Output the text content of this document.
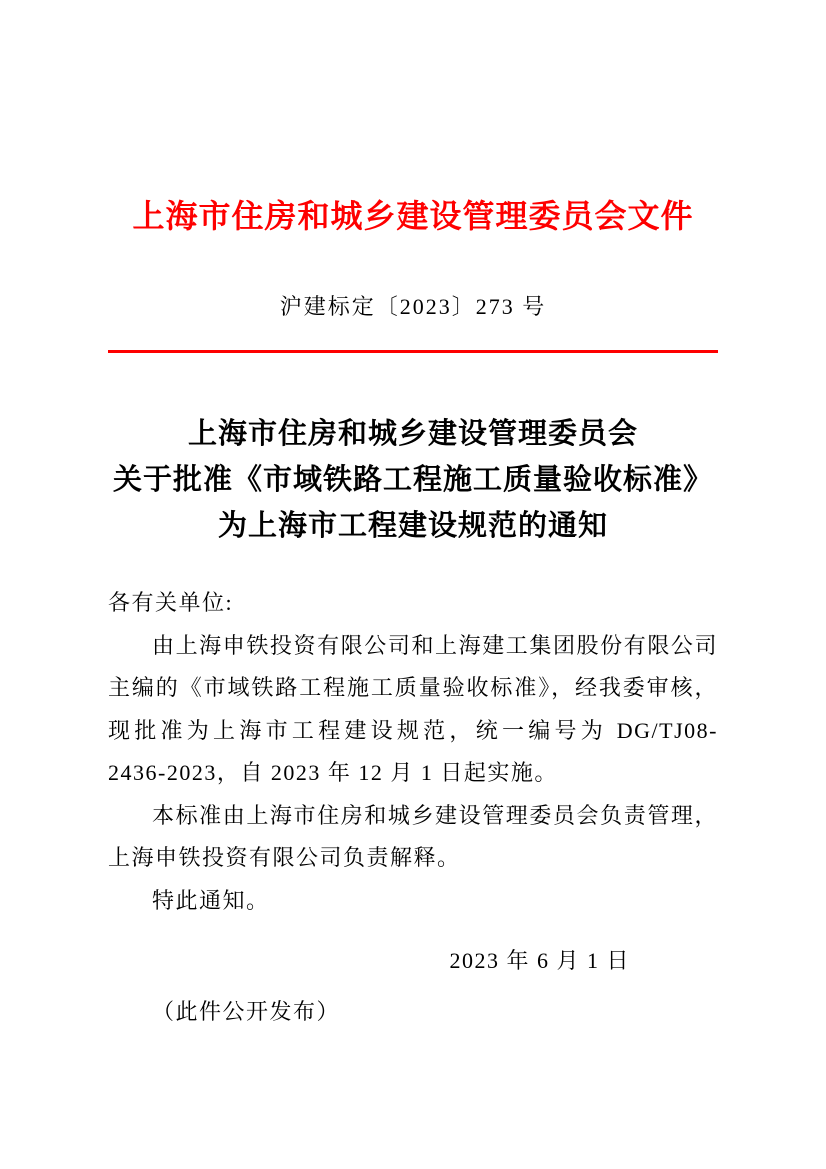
上海市住房和城乡建设管理委员会文件
沪建标定〔2023〕273 号
上海市住房和城乡建设管理委员会
关于批准《市域铁路工程施工质量验收标准》
为上海市工程建设规范的通知

各有关单位:

由上海申铁投资有限公司和上海建工集团股份有限公司主编的《市域铁路工程施工质量验收标准》，经我委审核，现批准为上海市工程建设规范，统一编号为 DG/TJ08-2436-2023，自 2023 年 12 月 1 日起实施。

本标准由上海市住房和城乡建设管理委员会负责管理，上海申铁投资有限公司负责解释。

特此通知。

2023 年 6 月 1 日
（此件公开发布）
